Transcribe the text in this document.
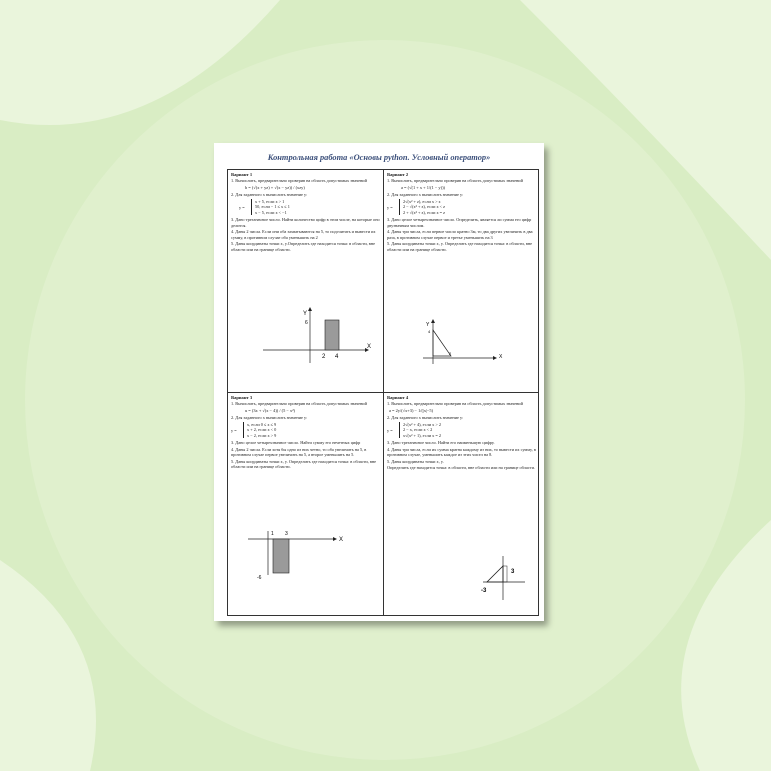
Контрольная работа «Основы python. Условный оператор»
Вариант 1

1. Вычислить, предварительно проверив на область допустимых значений

b = (√(x + yz) + √(x − yz)) / (xzy)

2. Для заданного x вычислить значение y:

y =
x + 5, если x > 1
50, если − 1 ≤ x ≤ 1
x − 5, если x < −1

3. Дано трехзначное число. Найти количество цифр в этом числе, на которые оно делится.

4. Даны 2 числа. Если они оба захватываются на 5, то подсчитать и вывести их сумму, в противном случае оба уменьшить на 2

5. Даны координаты точки x, y.Определить где находится точка: в области, вне области или на границе области.

Y
X
6
2 4
Вариант 2

1. Вычислить, предварительно проверив на область допустимых значений

a = (√(1 + x + 1/(1 − y)))

2. Для заданного x вычислить значение y:

y =
2√(x² + z), если x > z
2 − √(x² + z), если x < z
2 + √(x² + z), если x = z

3. Дано целое четырехзначное число. Определить, является ли сумма его цифр двузначным числом.

4. Даны три числа, если первое число кратно 3м, то два других увеличить в два раза, в противном случае первое и третье уменьшить на 3

5. Даны координаты точки x, y. Определить где находится точка: в области, вне области или на границе области.

Y
X
4
2
Вариант 3

1. Вычислить, предварительно проверив на область допустимых значений

u = (3x + √(x − 4)) / (5 − x²)

2. Для заданного x вычислить значение y:

y =
x, если 0 ≤ x ≤ 9
x + 2, если x < 0
x − 2, если x > 9

3. Дано целое четырехзначное число. Найти сумму его нечетных цифр

4. Даны 2 числа. Если хотя бы одно из них четно, то оба увеличить на 5, в противном случае первое увеличить на 5, а второе уменьшить на 5.

5. Даны координаты точки x, y. Определить где находится точка: в области, вне области или на границе области.

X
1 3
-6
Вариант 4

1. Вычислить, предварительно проверив на область допустимых значений

a = 2y/(√x+3) − 1/(|x|−5)

2. Для заданного x вычислить значение y:

y =
2√(x² + 4), если x > 2
2 − x, если x < 2
x√(x² + 1), если x = 2

3. Дано трехзначное число. Найти его наименьшую цифру.

4. Даны три числа, если их сумма кратна каждому из них, то вывести их сумму, в противном случае, уменьшить каждое из этих чисел на 8.

5. Даны координаты точки x, y.

Определить где находится точка: в области, вне области или на границе области.

3
-3
